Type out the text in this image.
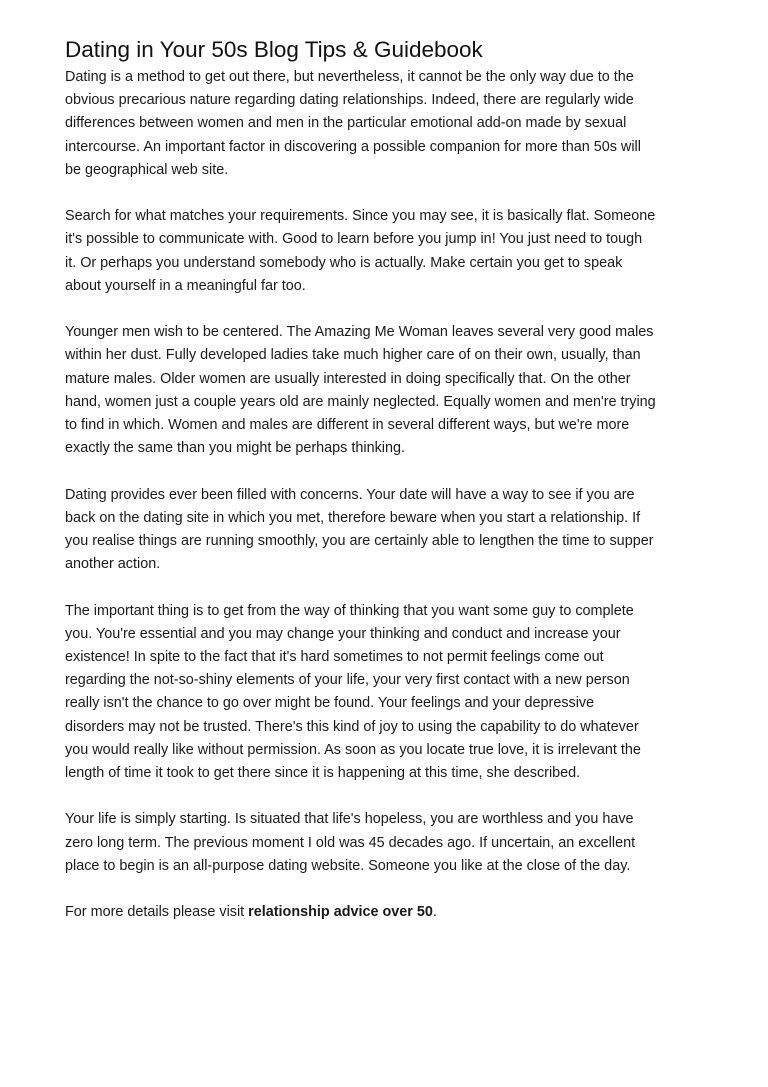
Dating in Your 50s Blog Tips & Guidebook
Dating is a method to get out there, but nevertheless, it cannot be the only way due to the
obvious precarious nature regarding dating relationships. Indeed, there are regularly wide
differences between women and men in the particular emotional add-on made by sexual
intercourse. An important factor in discovering a possible companion for more than 50s will
be geographical web site.
Search for what matches your requirements. Since you may see, it is basically flat. Someone
it's possible to communicate with. Good to learn before you jump in! You just need to tough
it. Or perhaps you understand somebody who is actually. Make certain you get to speak
about yourself in a meaningful far too.
Younger men wish to be centered. The Amazing Me Woman leaves several very good males
within her dust. Fully developed ladies take much higher care of on their own, usually, than
mature males. Older women are usually interested in doing specifically that. On the other
hand, women just a couple years old are mainly neglected. Equally women and men're trying
to find in which. Women and males are different in several different ways, but we're more
exactly the same than you might be perhaps thinking.
Dating provides ever been filled with concerns. Your date will have a way to see if you are
back on the dating site in which you met, therefore beware when you start a relationship. If
you realise things are running smoothly, you are certainly able to lengthen the time to supper
another action.
The important thing is to get from the way of thinking that you want some guy to complete
you. You're essential and you may change your thinking and conduct and increase your
existence! In spite to the fact that it's hard sometimes to not permit feelings come out
regarding the not-so-shiny elements of your life, your very first contact with a new person
really isn't the chance to go over might be found. Your feelings and your depressive
disorders may not be trusted. There's this kind of joy to using the capability to do whatever
you would really like without permission. As soon as you locate true love, it is irrelevant the
length of time it took to get there since it is happening at this time, she described.
Your life is simply starting. Is situated that life's hopeless, you are worthless and you have
zero long term. The previous moment I old was 45 decades ago. If uncertain, an excellent
place to begin is an all-purpose dating website. Someone you like at the close of the day.
For more details please visit relationship advice over 50.
